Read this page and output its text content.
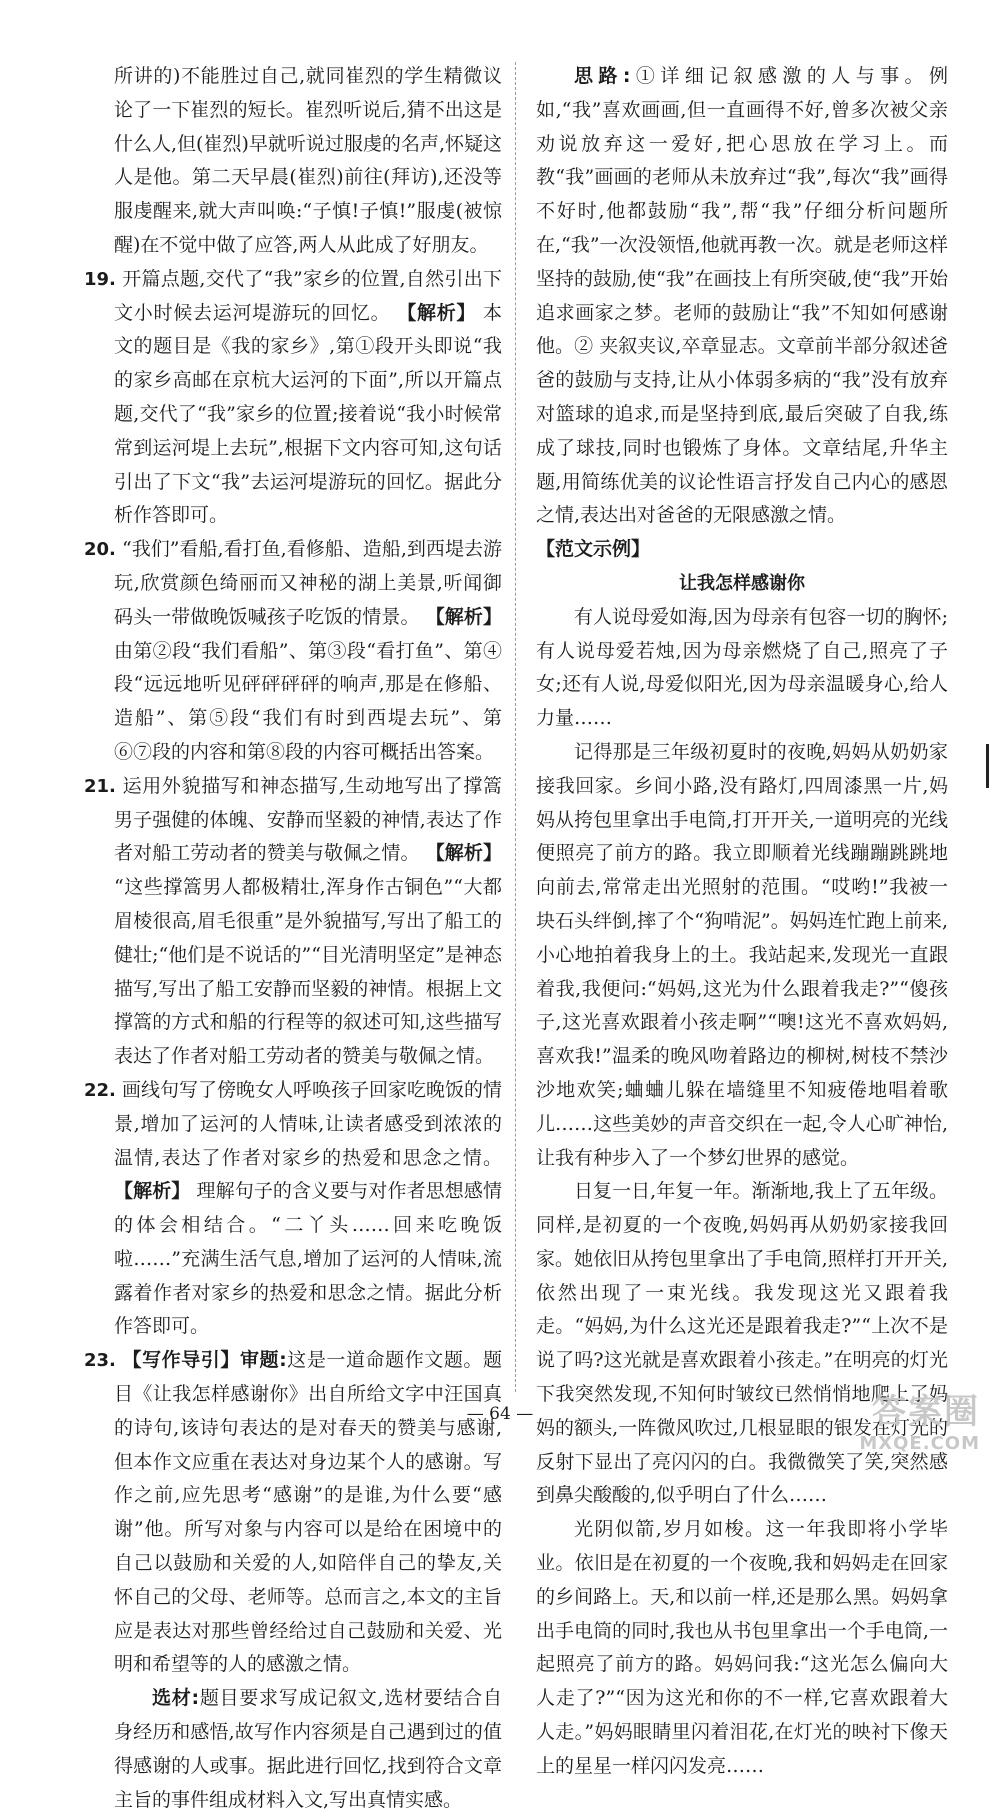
所讲的)不能胜过自己,就同崔烈的学生精微议论了一下崔烈的短长。崔烈听说后,猜不出这是什么人,但(崔烈)早就听说过服虔的名声,怀疑这人是他。第二天早晨(崔烈)前往(拜访),还没等服虔醒来,就大声叫唤:“子慎!子慎!”服虔(被惊醒)在不觉中做了应答,两人从此成了好朋友。

19. 开篇点题,交代了“我”家乡的位置,自然引出下文小时候去运河堤游玩的回忆。 【解析】 本文的题目是《我的家乡》,第①段开头即说“我的家乡高邮在京杭大运河的下面”,所以开篇点题,交代了“我”家乡的位置;接着说“我小时候常常到运河堤上去玩”,根据下文内容可知,这句话引出了下文“我”去运河堤游玩的回忆。据此分析作答即可。

20. “我们”看船,看打鱼,看修船、造船,到西堤去游玩,欣赏颜色绮丽而又神秘的湖上美景,听闻御码头一带做晚饭喊孩子吃饭的情景。 【解析】 由第②段“我们看船”、第③段“看打鱼”、第④段“远远地听见砰砰砰砰的响声,那是在修船、造船”、第⑤段“我们有时到西堤去玩”、第⑥⑦段的内容和第⑧段的内容可概括出答案。

21. 运用外貌描写和神态描写,生动地写出了撑篙男子强健的体魄、安静而坚毅的神情,表达了作者对船工劳动者的赞美与敬佩之情。 【解析】 “这些撑篙男人都极精壮,浑身作古铜色”“大都眉棱很高,眉毛很重”是外貌描写,写出了船工的健壮;“他们是不说话的”“目光清明坚定”是神态描写,写出了船工安静而坚毅的神情。根据上文撑篙的方式和船的行程等的叙述可知,这些描写表达了作者对船工劳动者的赞美与敬佩之情。

22. 画线句写了傍晚女人呼唤孩子回家吃晚饭的情景,增加了运河的人情味,让读者感受到浓浓的温情,表达了作者对家乡的热爱和思念之情。 【解析】 理解句子的含义要与对作者思想感情的体会相结合。“二丫头……回来吃晚饭啦……”充满生活气息,增加了运河的人情味,流露着作者对家乡的热爱和思念之情。据此分析作答即可。

23. 【写作导引】审题:这是一道命题作文题。题目《让我怎样感谢你》出自所给文字中汪国真的诗句,该诗句表达的是对春天的赞美与感谢,但本作文应重在表达对身边某个人的感谢。写作之前,应先思考“感谢”的是谁,为什么要“感谢”他。所写对象与内容可以是给在困境中的自己以鼓励和关爱的人,如陪伴自己的挚友,关怀自己的父母、老师等。总而言之,本文的主旨应是表达对那些曾经给过自己鼓励和关爱、光明和希望等的人的感激之情。

选材:题目要求写成记叙文,选材要结合自身经历和感悟,故写作内容须是自己遇到过的值得感谢的人或事。据此进行回忆,找到符合文章主旨的事件组成材料入文,写出真情实感。

思路:①详细记叙感激的人与事。例如,“我”喜欢画画,但一直画得不好,曾多次被父亲劝说放弃这一爱好,把心思放在学习上。而教“我”画画的老师从未放弃过“我”,每次“我”画得不好时,他都鼓励“我”,帮“我”仔细分析问题所在,“我”一次没领悟,他就再教一次。就是老师这样坚持的鼓励,使“我”在画技上有所突破,使“我”开始追求画家之梦。老师的鼓励让“我”不知如何感谢他。② 夹叙夹议,卒章显志。文章前半部分叙述爸爸的鼓励与支持,让从小体弱多病的“我”没有放弃对篮球的追求,而是坚持到底,最后突破了自我,练成了球技,同时也锻炼了身体。文章结尾,升华主题,用简练优美的议论性语言抒发自己内心的感恩之情,表达出对爸爸的无限感激之情。

【范文示例】

让我怎样感谢你

有人说母爱如海,因为母亲有包容一切的胸怀;有人说母爱若烛,因为母亲燃烧了自己,照亮了子女;还有人说,母爱似阳光,因为母亲温暖身心,给人力量……

记得那是三年级初夏时的夜晚,妈妈从奶奶家接我回家。乡间小路,没有路灯,四周漆黑一片,妈妈从挎包里拿出手电筒,打开开关,一道明亮的光线便照亮了前方的路。我立即顺着光线蹦蹦跳跳地向前去,常常走出光照射的范围。“哎哟!”我被一块石头绊倒,摔了个“狗啃泥”。妈妈连忙跑上前来,小心地拍着我身上的土。我站起来,发现光一直跟着我,我便问:“妈妈,这光为什么跟着我走?”“傻孩子,这光喜欢跟着小孩走啊”“噢!这光不喜欢妈妈,喜欢我!”温柔的晚风吻着路边的柳树,树枝不禁沙沙地欢笑;蛐蛐儿躲在墙缝里不知疲倦地唱着歌儿……这些美妙的声音交织在一起,令人心旷神怡,让我有种步入了一个梦幻世界的感觉。

日复一日,年复一年。渐渐地,我上了五年级。同样,是初夏的一个夜晚,妈妈再从奶奶家接我回家。她依旧从挎包里拿出了手电筒,照样打开开关,依然出现了一束光线。我发现这光又跟着我走。“妈妈,为什么这光还是跟着我走?”“上次不是说了吗?这光就是喜欢跟着小孩走。”在明亮的灯光下我突然发现,不知何时皱纹已然悄悄地爬上了妈妈的额头,一阵微风吹过,几根显眼的银发在灯光的反射下显出了亮闪闪的白。我微微笑了笑,突然感到鼻尖酸酸的,似乎明白了什么……

光阴似箭,岁月如梭。这一年我即将小学毕业。依旧是在初夏的一个夜晚,我和妈妈走在回家的乡间路上。天,和以前一样,还是那么黑。妈妈拿出手电筒的同时,我也从书包里拿出一个手电筒,一起照亮了前方的路。妈妈问我:“这光怎么偏向大人走了?”“因为这光和你的不一样,它喜欢跟着大人走。”妈妈眼睛里闪着泪花,在灯光的映衬下像天上的星星一样闪闪发亮……

— 64 —	答案圈
MXQE.COM
